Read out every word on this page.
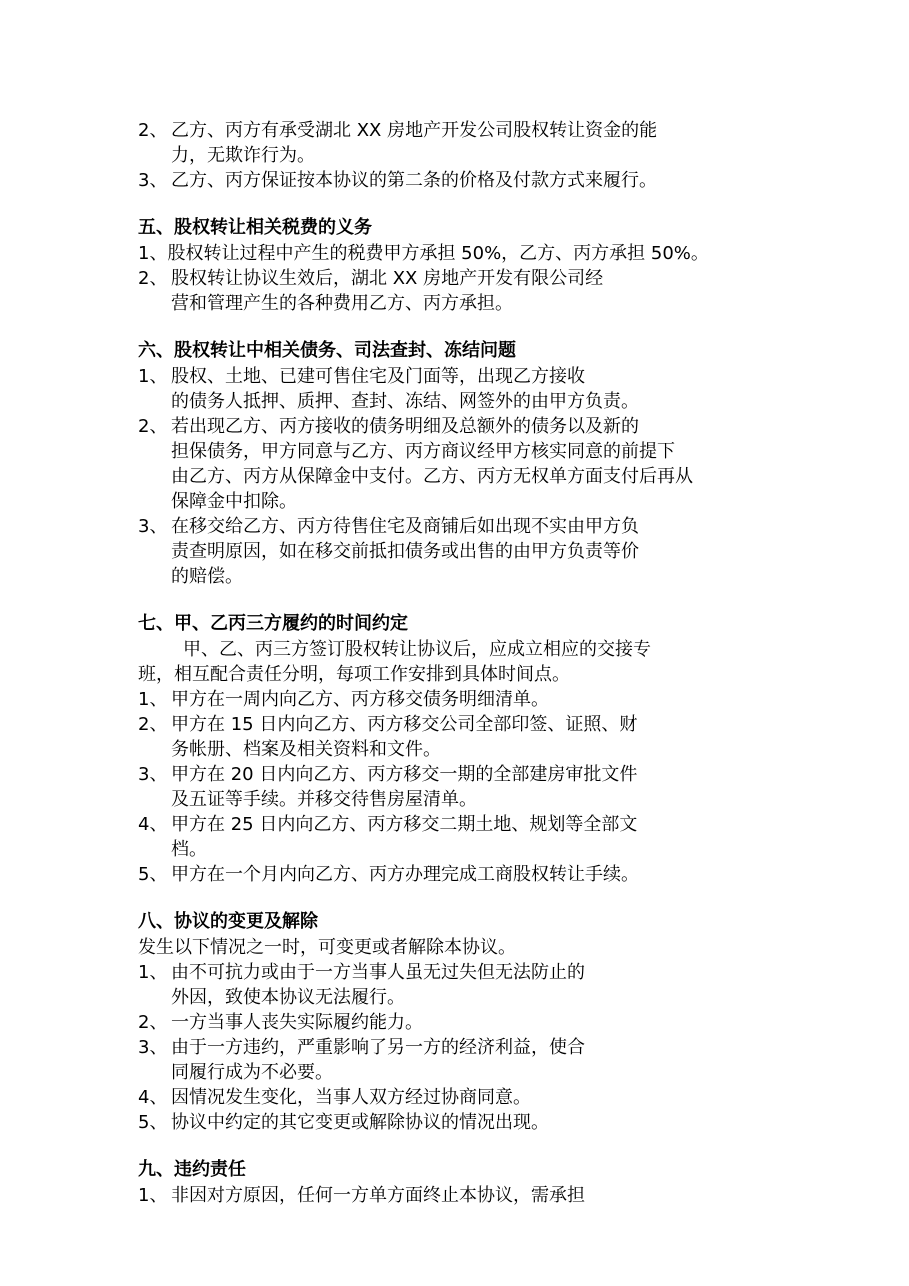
2、 乙方、丙方有承受湖北 XX 房地产开发公司股权转让资金的能
力，无欺诈行为。
3、 乙方、丙方保证按本协议的第二条的价格及付款方式来履行。
五、股权转让相关税费的义务
1、股权转让过程中产生的税费甲方承担 50%，乙方、丙方承担 50%。
2、 股权转让协议生效后，湖北 XX 房地产开发有限公司经
营和管理产生的各种费用乙方、丙方承担。
六、股权转让中相关债务、司法查封、冻结问题
1、 股权、土地、已建可售住宅及门面等，出现乙方接收
的债务人抵押、质押、查封、冻结、网签外的由甲方负责。
2、 若出现乙方、丙方接收的债务明细及总额外的债务以及新的
担保债务，甲方同意与乙方、丙方商议经甲方核实同意的前提下
由乙方、丙方从保障金中支付。乙方、丙方无权单方面支付后再从
保障金中扣除。
3、 在移交给乙方、丙方待售住宅及商铺后如出现不实由甲方负
责查明原因，如在移交前抵扣债务或出售的由甲方负责等价
的赔偿。
七、甲、乙丙三方履约的时间约定
甲、乙、丙三方签订股权转让协议后，应成立相应的交接专
班，相互配合责任分明，每项工作安排到具体时间点。
1、 甲方在一周内向乙方、丙方移交债务明细清单。
2、 甲方在 15 日内向乙方、丙方移交公司全部印签、证照、财
务帐册、档案及相关资料和文件。
3、 甲方在 20 日内向乙方、丙方移交一期的全部建房审批文件
及五证等手续。并移交待售房屋清单。
4、 甲方在 25 日内向乙方、丙方移交二期土地、规划等全部文
档。
5、 甲方在一个月内向乙方、丙方办理完成工商股权转让手续。
八、协议的变更及解除
发生以下情况之一时，可变更或者解除本协议。
1、 由不可抗力或由于一方当事人虽无过失但无法防止的
外因，致使本协议无法履行。
2、 一方当事人丧失实际履约能力。
3、 由于一方违约，严重影响了另一方的经济利益，使合
同履行成为不必要。
4、 因情况发生变化，当事人双方经过协商同意。
5、 协议中约定的其它变更或解除协议的情况出现。
九、违约责任
1、 非因对方原因，任何一方单方面终止本协议，需承担
